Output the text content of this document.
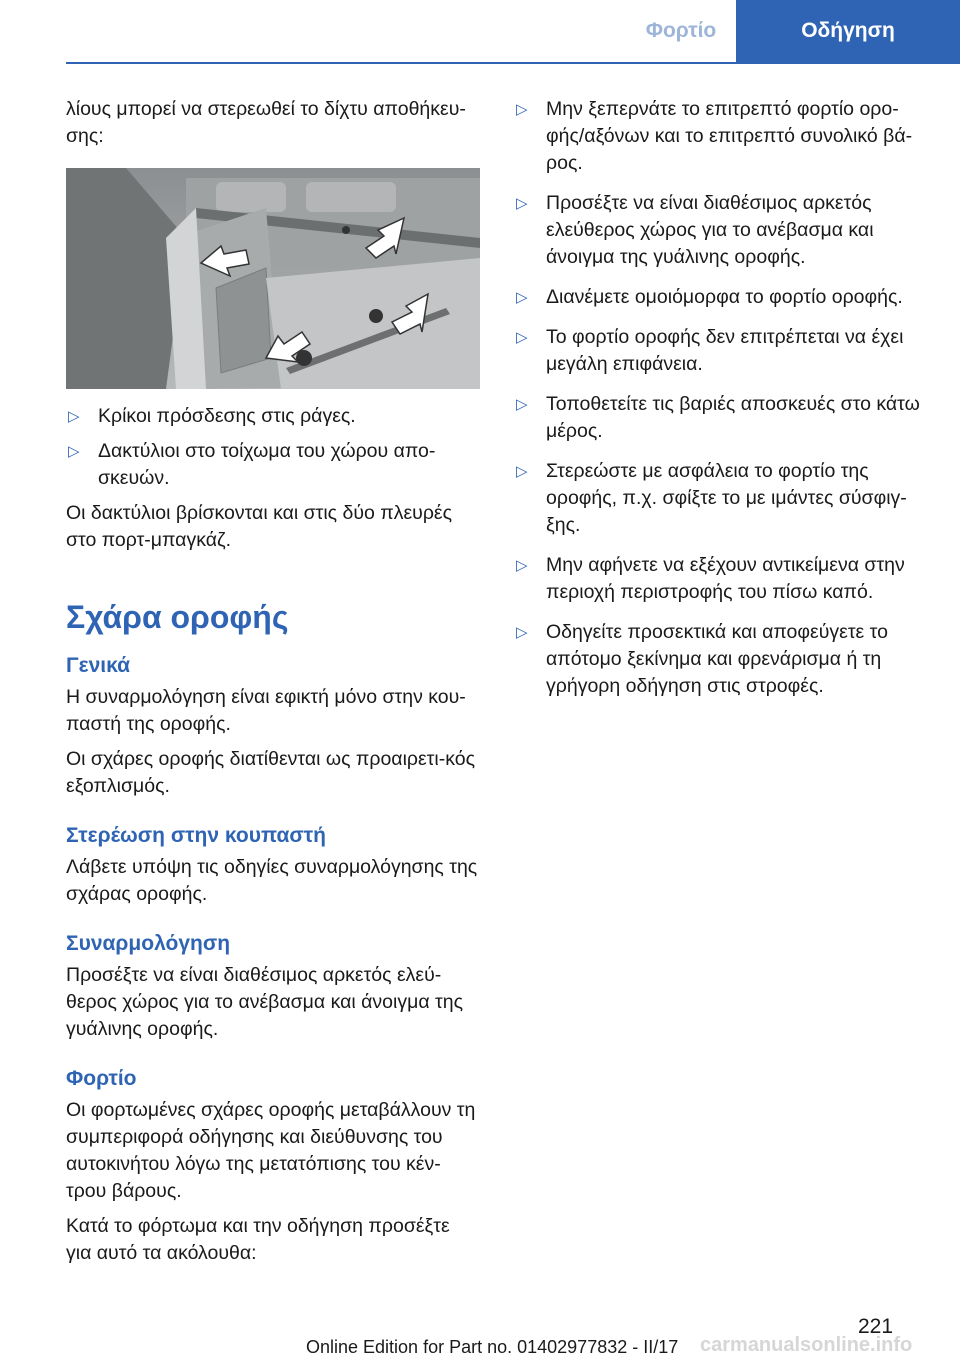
Φορτίο	Οδήγηση

λίους μπορεί να στερεωθεί το δίχτυ αποθήκευ-σης:

▷ Κρίκοι πρόσδεσης στις ράγες.
▷ Δακτύλιοι στο τοίχωμα του χώρου απο-σκευών.

Οι δακτύλιοι βρίσκονται και στις δύο πλευρές στο πορτ-μπαγκάζ.

Σχάρα οροφής
Γενικά

Η συναρμολόγηση είναι εφικτή μόνο στην κου-παστή της οροφής.

Οι σχάρες οροφής διατίθενται ως προαιρετι-κός εξοπλισμός.

Στερέωση στην κουπαστή

Λάβετε υπόψη τις οδηγίες συναρμολόγησης της σχάρας οροφής.

Συναρμολόγηση

Προσέξτε να είναι διαθέσιμος αρκετός ελεύ-θερος χώρος για το ανέβασμα και άνοιγμα της γυάλινης οροφής.

Φορτίο

Οι φορτωμένες σχάρες οροφής μεταβάλλουν τη συμπεριφορά οδήγησης και διεύθυνσης του αυτοκινήτου λόγω της μετατόπισης του κέν-τρου βάρους.

Κατά το φόρτωμα και την οδήγηση προσέξτε για αυτό τα ακόλουθα:

▷ Μην ξεπερνάτε το επιτρεπτό φορτίο ορο-φής/αξόνων και το επιτρεπτό συνολικό βά-ρος.
▷ Προσέξτε να είναι διαθέσιμος αρκετός ελεύθερος χώρος για το ανέβασμα και άνοιγμα της γυάλινης οροφής.
▷ Διανέμετε ομοιόμορφα το φορτίο οροφής.
▷ Το φορτίο οροφής δεν επιτρέπεται να έχει μεγάλη επιφάνεια.
▷ Τοποθετείτε τις βαριές αποσκευές στο κάτω μέρος.
▷ Στερεώστε με ασφάλεια το φορτίο της οροφής, π.χ. σφίξτε το με ιμάντες σύσφιγ-ξης.
▷ Μην αφήνετε να εξέχουν αντικείμενα στην περιοχή περιστροφής του πίσω καπό.
▷ Οδηγείτε προσεκτικά και αποφεύγετε το απότομο ξεκίνημα και φρενάρισμα ή τη γρήγορη οδήγηση στις στροφές.
221
Online Edition for Part no. 01402977832 - II/17 carmanualsonline.info
